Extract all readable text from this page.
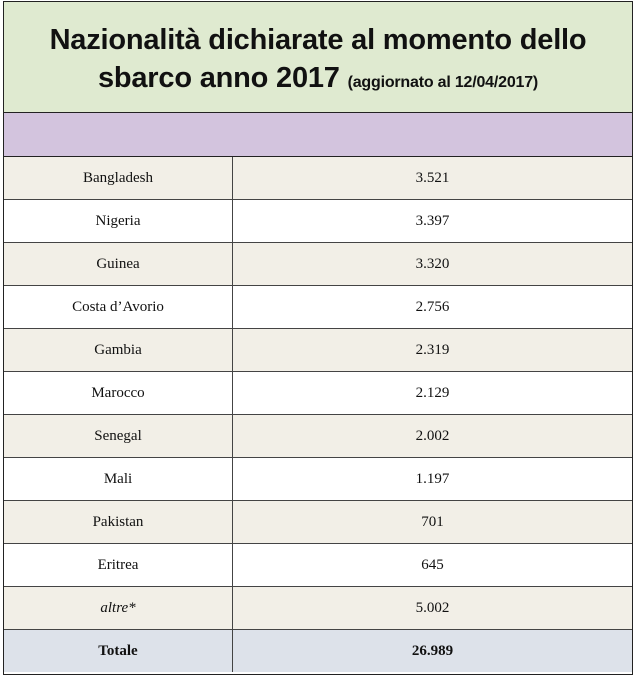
Nazionalità dichiarate al momento dello
sbarco anno 2017 (aggiornato al 12/04/2017)
Bangladesh	3.521
Nigeria	3.397
Guinea	3.320
Costa d’Avorio	2.756
Gambia	2.319
Marocco	2.129
Senegal	2.002
Mali	1.197
Pakistan	701
Eritrea	645
altre*	5.002
Totale	26.989
